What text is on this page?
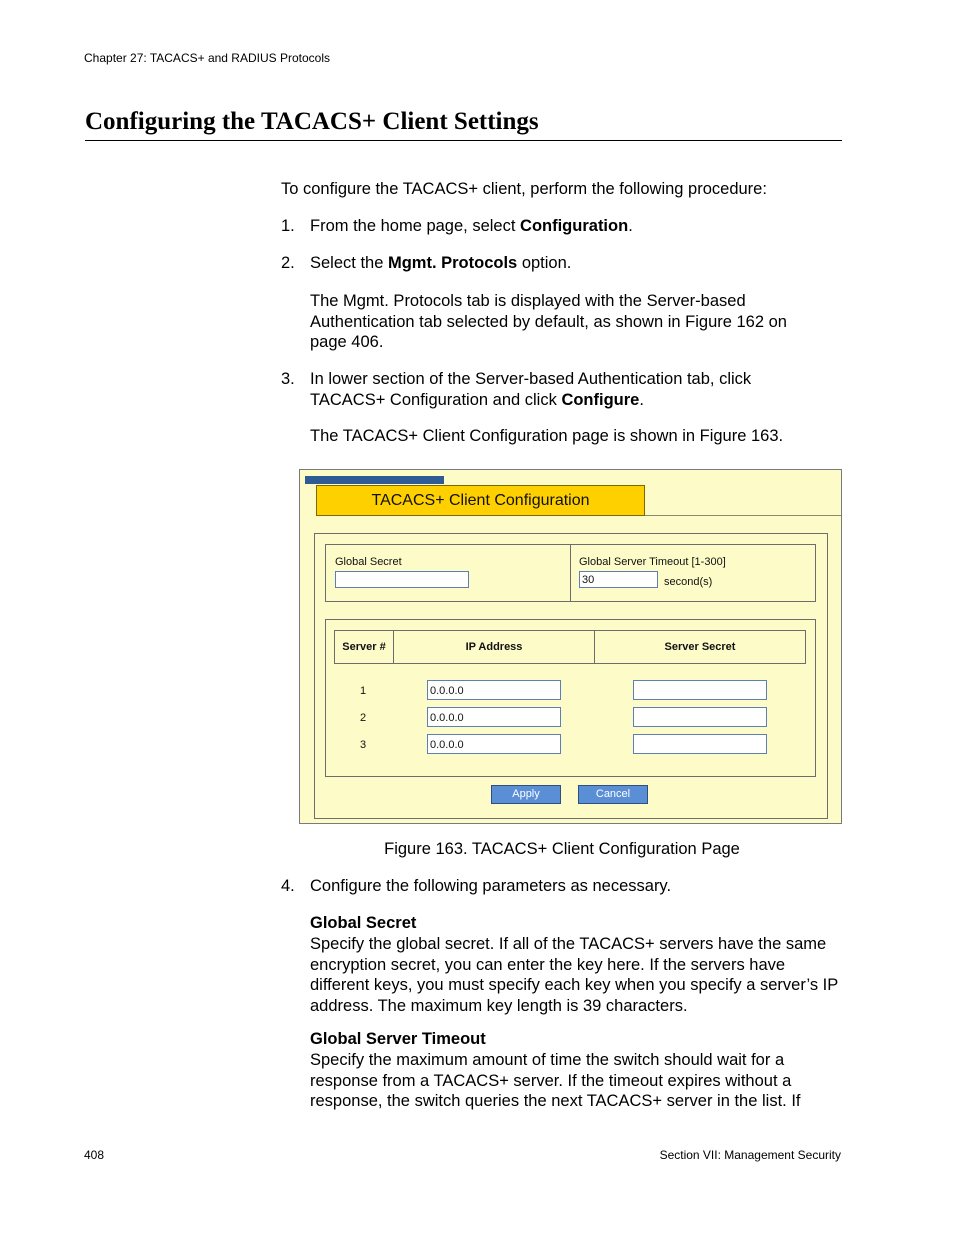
Chapter 27: TACACS+ and RADIUS Protocols
Configuring the TACACS+ Client Settings
To configure the TACACS+ client, perform the following procedure:
1. From the home page, select Configuration.
2. Select the Mgmt. Protocols option.
The Mgmt. Protocols tab is displayed with the Server-based Authentication tab selected by default, as shown in Figure 162 on page 406.
3. In lower section of the Server-based Authentication tab, click TACACS+ Configuration and click Configure.
The TACACS+ Client Configuration page is shown in Figure 163.
TACACS+ Client Configuration
Global Secret	Global Server Timeout [1-300]
30	second(s)
Server #	IP Address	Server Secret
1	0.0.0.0
2	0.0.0.0
3	0.0.0.0
Apply	Cancel
Figure 163. TACACS+ Client Configuration Page
4. Configure the following parameters as necessary.
Global Secret
Specify the global secret. If all of the TACACS+ servers have the same encryption secret, you can enter the key here. If the servers have different keys, you must specify each key when you specify a server’s IP address. The maximum key length is 39 characters.
Global Server Timeout
Specify the maximum amount of time the switch should wait for a response from a TACACS+ server. If the timeout expires without a response, the switch queries the next TACACS+ server in the list. If
408	Section VII: Management Security
